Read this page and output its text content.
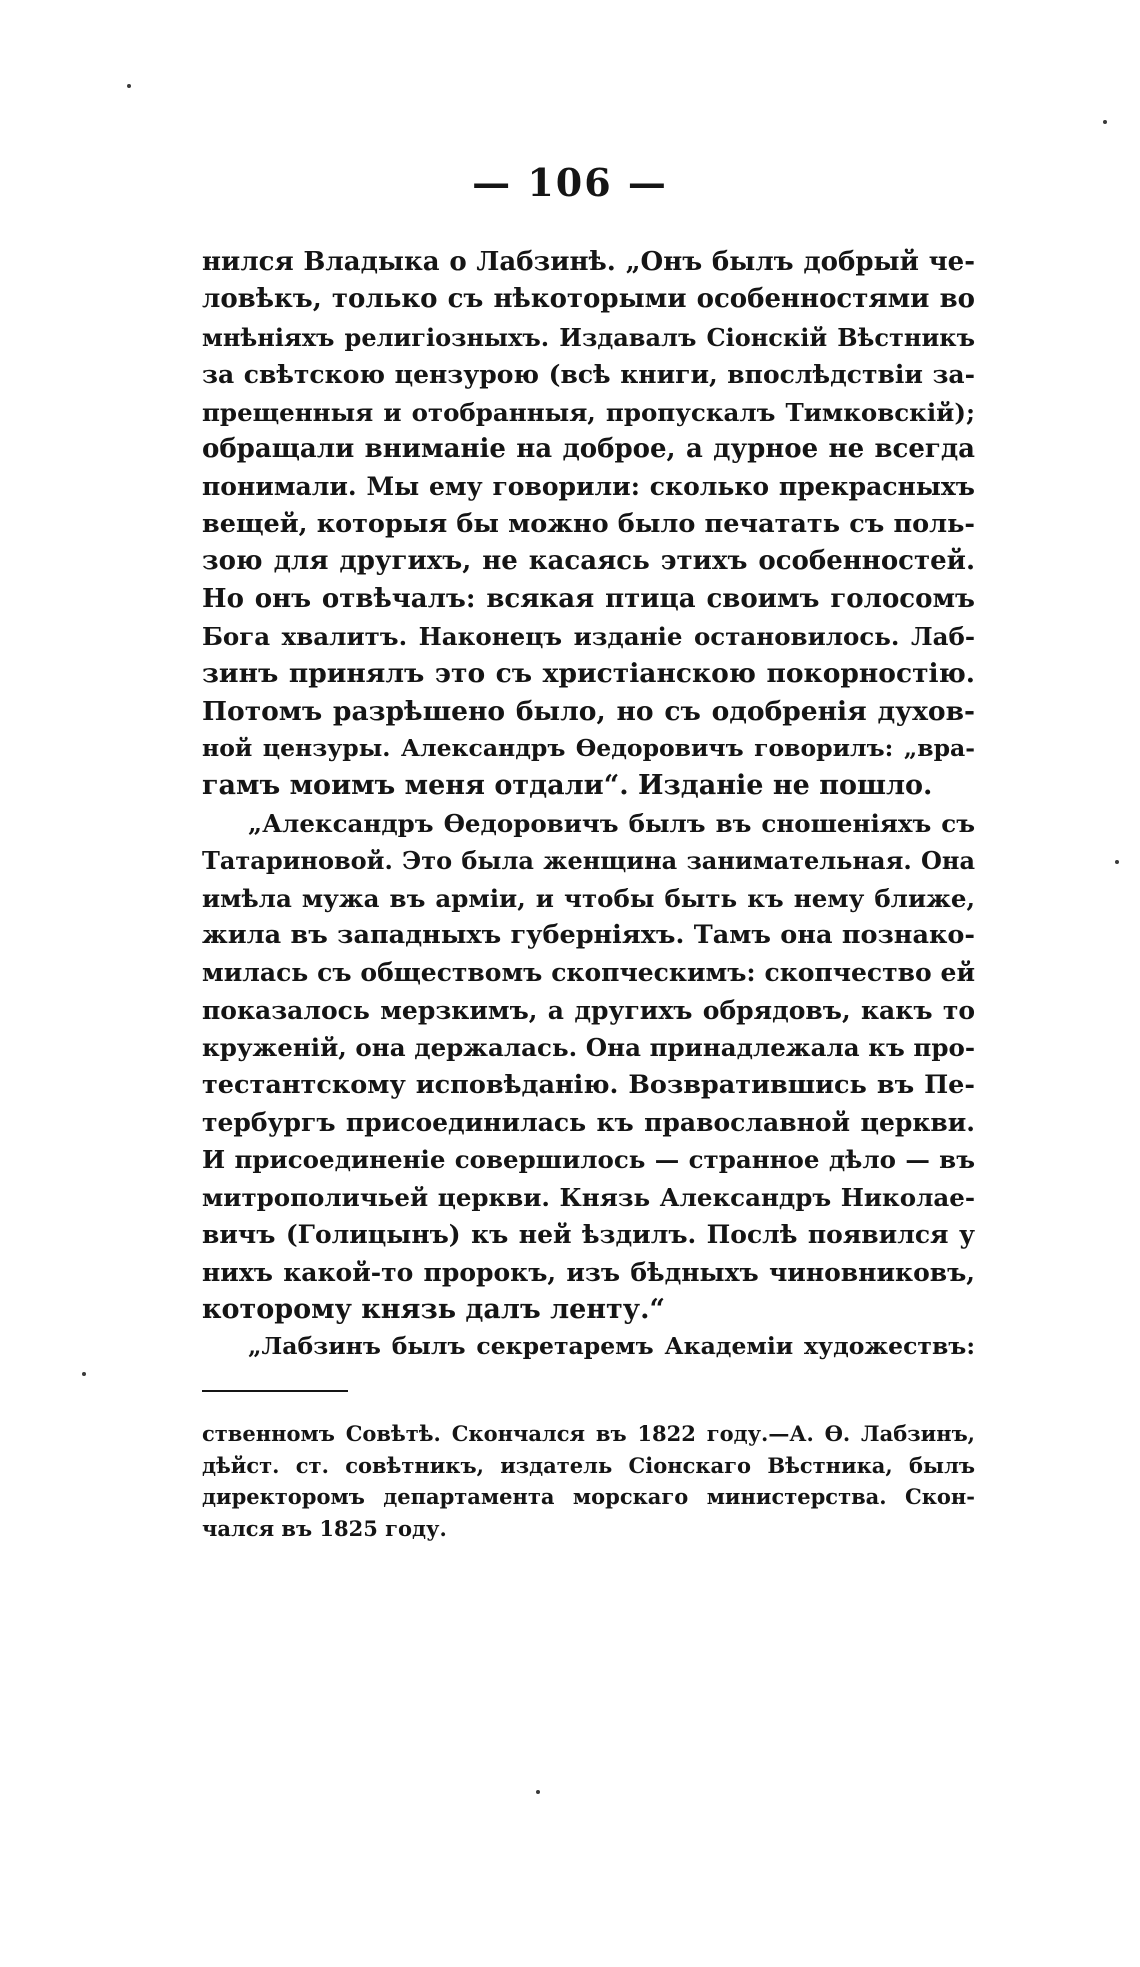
— 106 —
нился Владыка о Лабзинѣ. „Онъ былъ добрый че-
ловѣкъ, только съ нѣкоторыми особенностями во
мнѣніяхъ религіозныхъ. Издавалъ Сіонскій Вѣстникъ
за свѣтскою цензурою (всѣ книги, впослѣдствіи за-
прещенныя и отобранныя, пропускалъ Тимковскій);
обращали вниманіе на доброе, а дурное не всегда
понимали. Мы ему говорили: сколько прекрасныхъ
вещей, которыя бы можно было печатать съ поль-
зою для другихъ, не касаясь этихъ особенностей.
Но онъ отвѣчалъ: всякая птица своимъ голосомъ
Бога хвалитъ. Наконецъ изданіе остановилось. Лаб-
зинъ принялъ это съ христіанскою покорностію.
Потомъ разрѣшено было, но съ одобренія духов-
ной цензуры. Александръ Ѳедоровичъ говорилъ: „вра-
гамъ моимъ меня отдали“. Изданіе не пошло.
„Александръ Ѳедоровичъ былъ въ сношеніяхъ съ
Татариновой. Это была женщина занимательная. Она
имѣла мужа въ арміи, и чтобы быть къ нему ближе,
жила въ западныхъ губерніяхъ. Тамъ она познако-
милась съ обществомъ скопческимъ: скопчество ей
показалось мерзкимъ, а другихъ обрядовъ, какъ то
круженій, она держалась. Она принадлежала къ про-
тестантскому исповѣданію. Возвратившись въ Пе-
тербургъ присоединилась къ православной церкви.
И присоединеніе совершилось — странное дѣло — въ
митрополичьей церкви. Князь Александръ Николае-
вичъ (Голицынъ) къ ней ѣздилъ. Послѣ появился у
нихъ какой-то пророкъ, изъ бѣдныхъ чиновниковъ,
которому князь далъ ленту.“
„Лабзинъ былъ секретаремъ Академіи художествъ:
ственномъ Совѣтѣ. Скончался въ 1822 году.—А. Ѳ. Лабзинъ,
дѣйст. ст. совѣтникъ, издатель Сіонскаго Вѣстника, былъ
директоромъ департамента морскаго министерства. Скон-
чался въ 1825 году.
